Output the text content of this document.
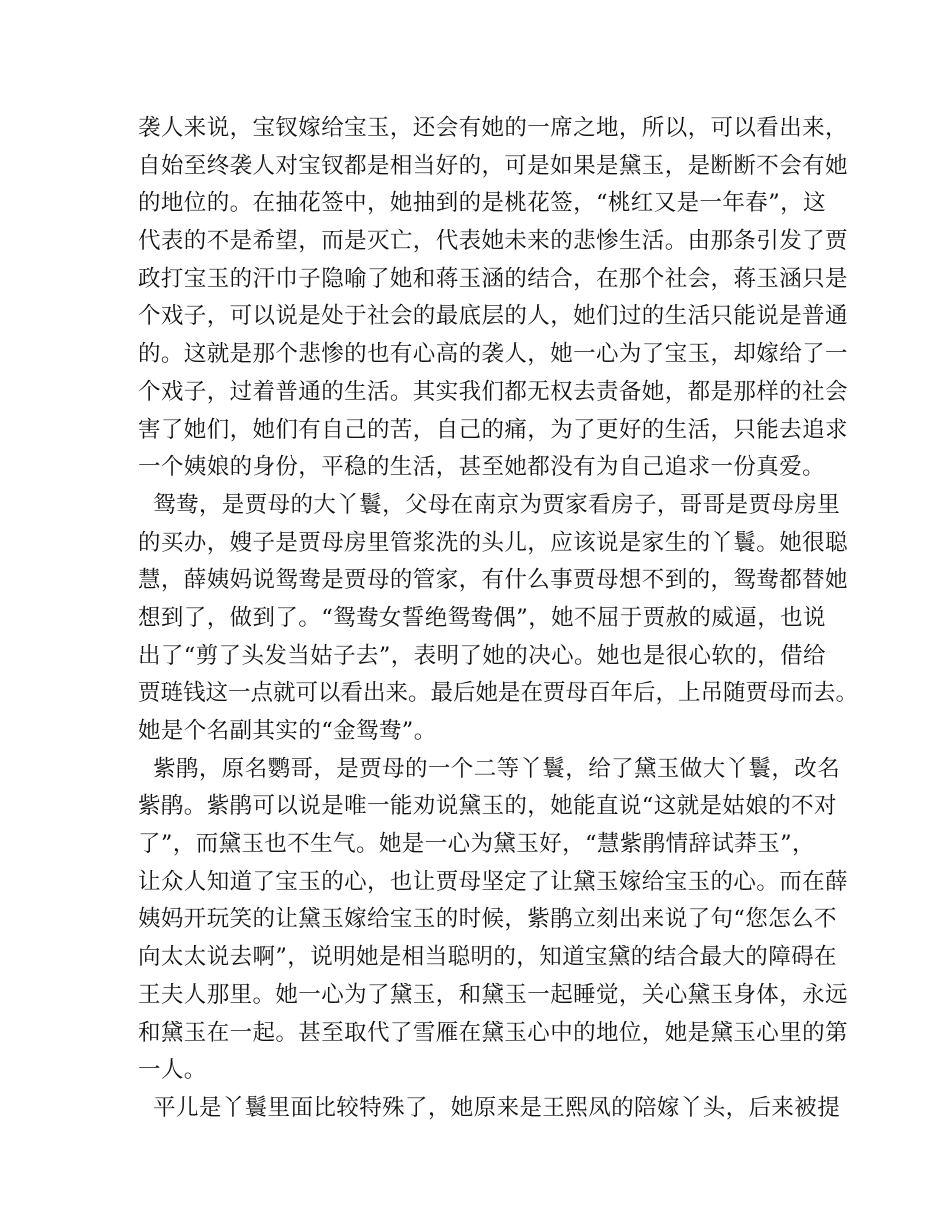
袭人来说，宝钗嫁给宝玉，还会有她的一席之地，所以，可以看出来，
自始至终袭人对宝钗都是相当好的，可是如果是黛玉，是断断不会有她
的地位的。在抽花签中，她抽到的是桃花签，“桃红又是一年春”，这
代表的不是希望，而是灭亡，代表她未来的悲惨生活。由那条引发了贾
政打宝玉的汗巾子隐喻了她和蒋玉涵的结合，在那个社会，蒋玉涵只是
个戏子，可以说是处于社会的最底层的人，她们过的生活只能说是普通
的。这就是那个悲惨的也有心高的袭人，她一心为了宝玉，却嫁给了一
个戏子，过着普通的生活。其实我们都无权去责备她，都是那样的社会
害了她们，她们有自己的苦，自己的痛，为了更好的生活，只能去追求
一个姨娘的身份，平稳的生活，甚至她都没有为自己追求一份真爱。
鸳鸯，是贾母的大丫鬟，父母在南京为贾家看房子，哥哥是贾母房里
的买办，嫂子是贾母房里管浆洗的头儿，应该说是家生的丫鬟。她很聪
慧，薛姨妈说鸳鸯是贾母的管家，有什么事贾母想不到的，鸳鸯都替她
想到了，做到了。“鸳鸯女誓绝鸳鸯偶”，她不屈于贾赦的威逼，也说
出了“剪了头发当姑子去”，表明了她的决心。她也是很心软的，借给
贾琏钱这一点就可以看出来。最后她是在贾母百年后，上吊随贾母而去。
她是个名副其实的“金鸳鸯”。
紫鹃，原名鹦哥，是贾母的一个二等丫鬟，给了黛玉做大丫鬟，改名
紫鹃。紫鹃可以说是唯一能劝说黛玉的，她能直说“这就是姑娘的不对
了”，而黛玉也不生气。她是一心为黛玉好，“慧紫鹃情辞试莽玉”，
让众人知道了宝玉的心，也让贾母坚定了让黛玉嫁给宝玉的心。而在薛
姨妈开玩笑的让黛玉嫁给宝玉的时候，紫鹃立刻出来说了句“您怎么不
向太太说去啊”，说明她是相当聪明的，知道宝黛的结合最大的障碍在
王夫人那里。她一心为了黛玉，和黛玉一起睡觉，关心黛玉身体，永远
和黛玉在一起。甚至取代了雪雁在黛玉心中的地位，她是黛玉心里的第
一人。
平儿是丫鬟里面比较特殊了，她原来是王熙凤的陪嫁丫头，后来被提
